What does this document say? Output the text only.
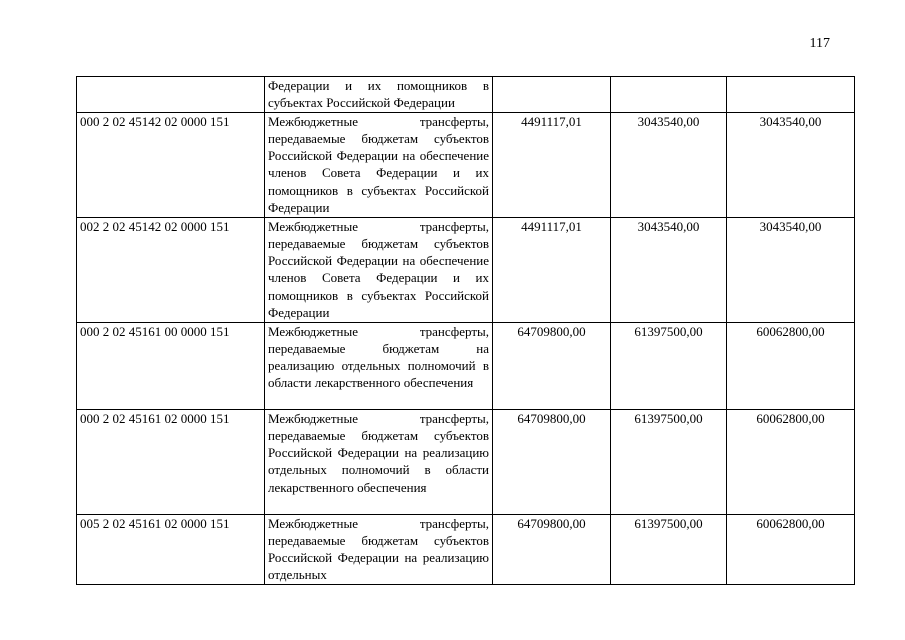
117
	Федерации и их помощников в субъектах Российской Федерации			
000 2 02 45142 02 0000 151	Межбюджетные трансферты, передаваемые бюджетам субъектов Российской Федерации на обеспечение членов Совета Федерации и их помощников в субъектах Российской Федерации	4491117,01	3043540,00	3043540,00
002 2 02 45142 02 0000 151	Межбюджетные трансферты, передаваемые бюджетам субъектов Российской Федерации на обеспечение членов Совета Федерации и их помощников в субъектах Российской Федерации	4491117,01	3043540,00	3043540,00
000 2 02 45161 00 0000 151	Межбюджетные трансферты, передаваемые бюджетам на реализацию отдельных полномочий в области лекарственного обеспечения	64709800,00	61397500,00	60062800,00
000 2 02 45161 02 0000 151	Межбюджетные трансферты, передаваемые бюджетам субъектов Российской Федерации на реализацию отдельных полномочий в области лекарственного обеспечения	64709800,00	61397500,00	60062800,00
005 2 02 45161 02 0000 151	Межбюджетные трансферты, передаваемые бюджетам субъектов Российской Федерации на реализацию отдельных	64709800,00	61397500,00	60062800,00
